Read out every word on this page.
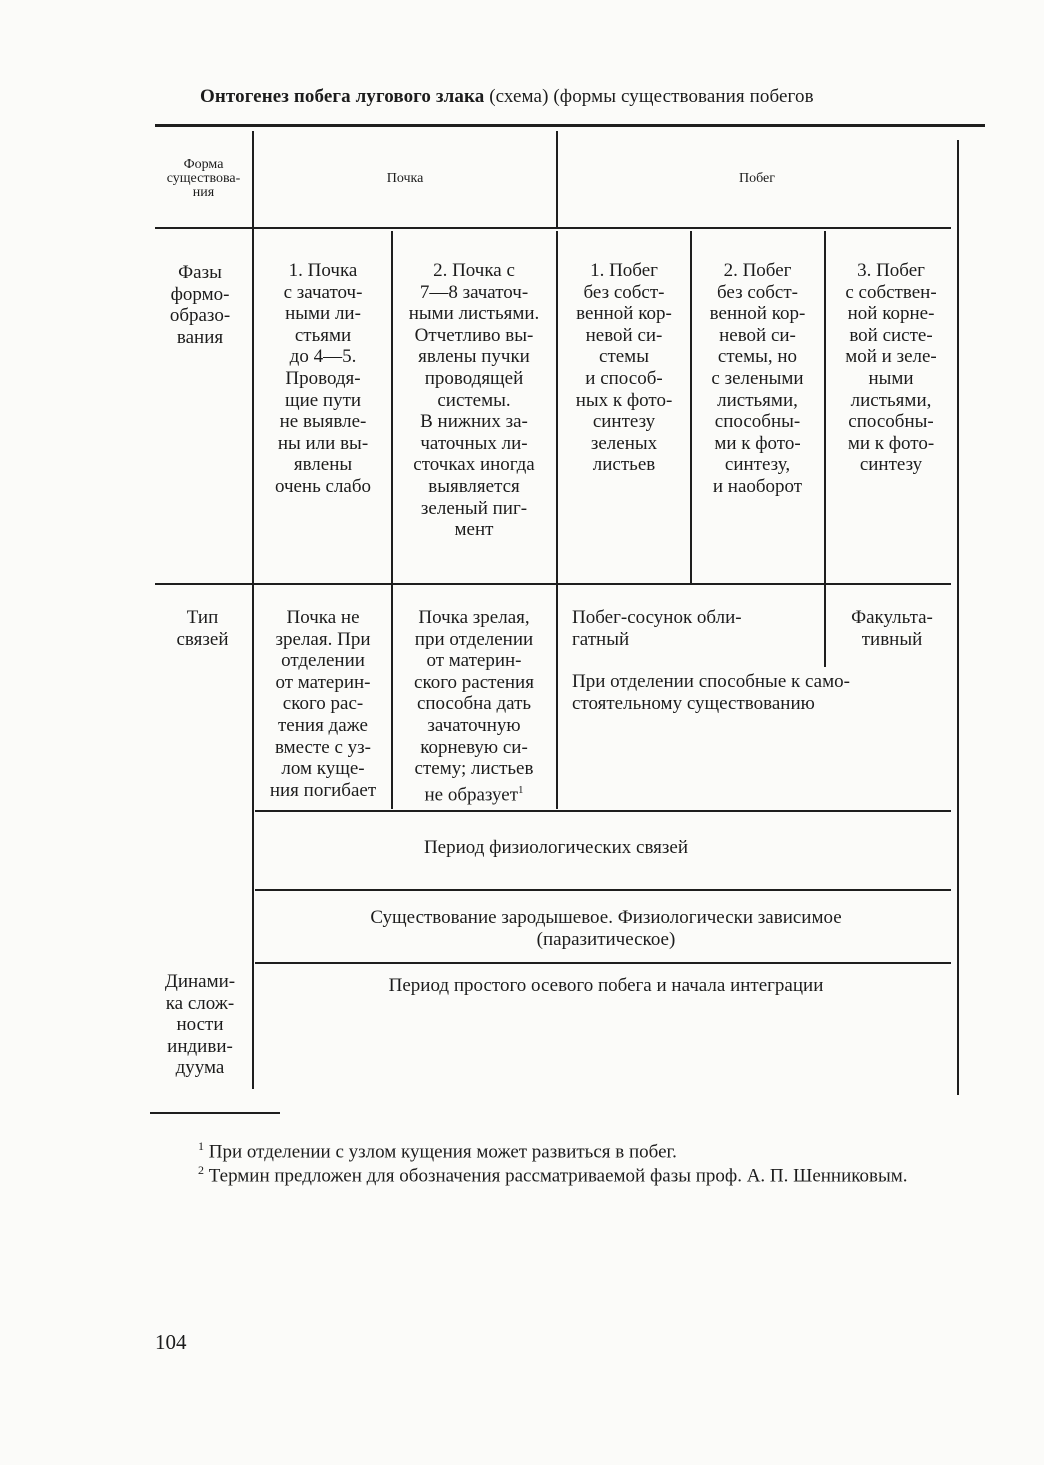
Онтогенез побега лугового злака (схема) (формы существования побегов
Форма
существова-
ния
Почка	Побег
Фазы
формо-
образо-
вания
1. Почка
с зачаточ-
ными ли-
стьями
до 4—5.
Проводя-
щие пути
не выявле-
ны или вы-
явлены
очень слабо
2. Почка с
7—8 зачаточ-
ными листьями.
Отчетливо вы-
явлены пучки
проводящей
системы.
В нижних за-
чаточных ли-
сточках иногда
выявляется
зеленый пиг-
мент
1. Побег
без собст-
венной кор-
невой си-
стемы
и способ-
ных к фото-
синтезу
зеленых
листьев
2. Побег
без собст-
венной кор-
невой си-
стемы, но
с зелеными
листьями,
способны-
ми к фото-
синтезу,
и наоборот
3. Побег
с собствен-
ной корне-
вой систе-
мой и зеле-
ными
листьями,
способны-
ми к фото-
синтезу
Тип
связей
Почка не
зрелая. При
отделении
от материн-
ского рас-
тения даже
вместе с уз-
лом куще-
ния погибает
Почка зрелая,
при отделении
от материн-
ского растения
способна дать
зачаточную
корневую си-
стему; листьев
не образует$^1$
Побег-сосунок обли-
гатный
Факульта-
тивный
При отделении способные к само-
стоятельному существованию
Период физиологических связей
Существование зародышевое. Физиологически зависимое
(паразитическое)
Динами-
ка слож-
ности
индиви-
дуума
Период простого осевого побега и начала интеграции
$^1$ При отделении с узлом кущения может развиться в побег.
$^2$ Термин предложен для обозначения рассматриваемой фазы проф. А. П. Шенниковым.
104
